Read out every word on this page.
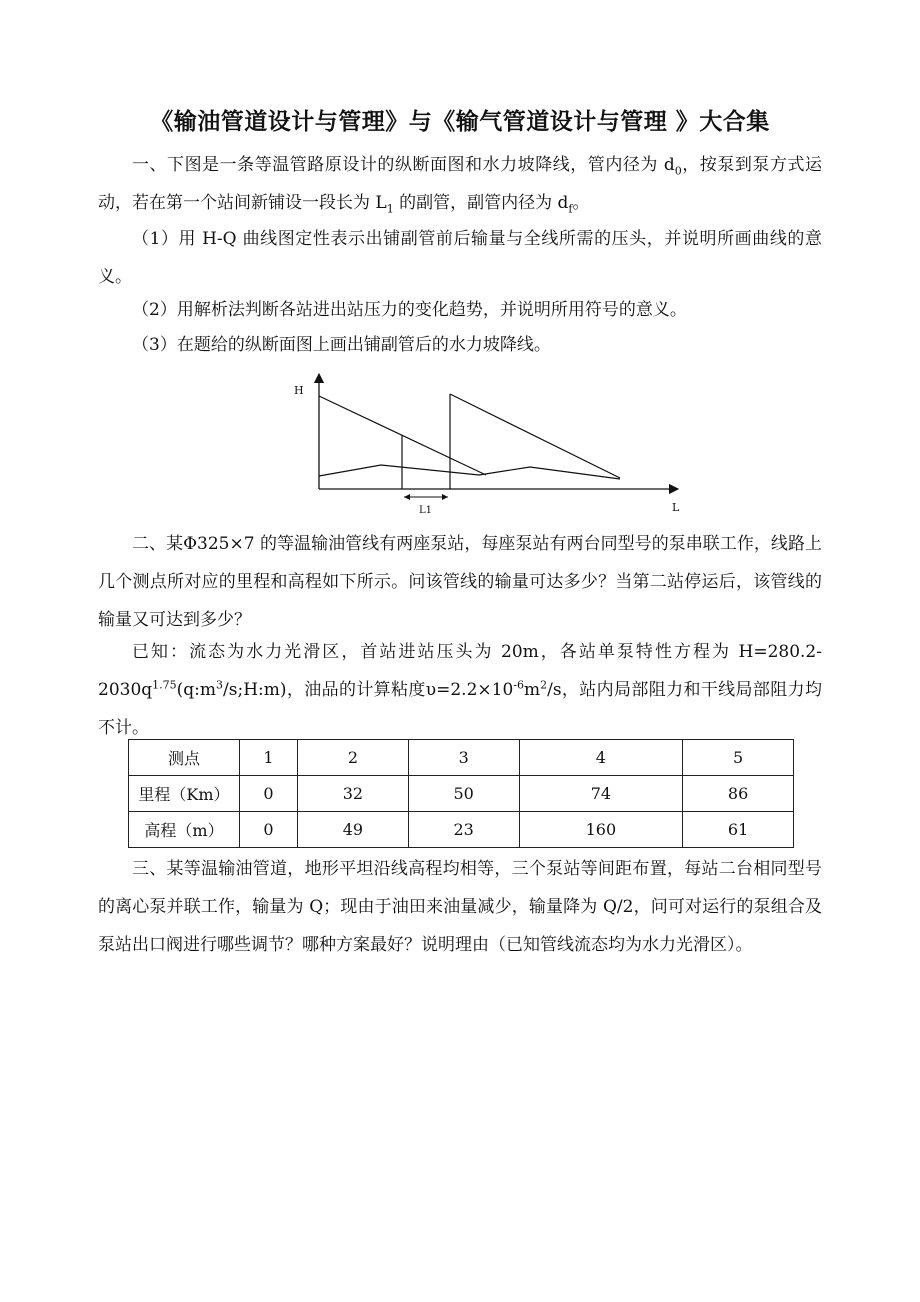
《输油管道设计与管理》与《输气管道设计与管理 》大合集

一、下图是一条等温管路原设计的纵断面图和水力坡降线，管内径为 $d_0$，按泵到泵方式运动，若在第一个站间新铺设一段长为 $L_1$ 的副管，副管内径为 $d_f$。

（1）用 H-Q 曲线图定性表示出铺副管前后输量与全线所需的压头，并说明所画曲线的意义。

（2）用解析法判断各站进出站压力的变化趋势，并说明所用符号的意义。

（3）在题给的纵断面图上画出铺副管后的水力坡降线。

H
L
L1

二、某Φ325×7 的等温输油管线有两座泵站，每座泵站有两台同型号的泵串联工作，线路上几个测点所对应的里程和高程如下所示。问该管线的输量可达多少？当第二站停运后，该管线的输量又可达到多少？

已知：流态为水力光滑区，首站进站压头为 20m，各站单泵特性方程为 $H=280.2-2030q^{1.75}(q:m^3/s;H:m)$，油品的计算粘度$\upsilon=2.2\times 10^{-6}m^2/s$，站内局部阻力和干线局部阻力均不计。

测点	1	2	3	4	5
里程（Km）	0	32	50	74	86
高程（m）	0	49	23	160	61

三、某等温输油管道，地形平坦沿线高程均相等，三个泵站等间距布置，每站二台相同型号的离心泵并联工作，输量为 Q；现由于油田来油量减少，输量降为 Q/2，问可对运行的泵组合及泵站出口阀进行哪些调节？哪种方案最好？说明理由（已知管线流态均为水力光滑区）。
